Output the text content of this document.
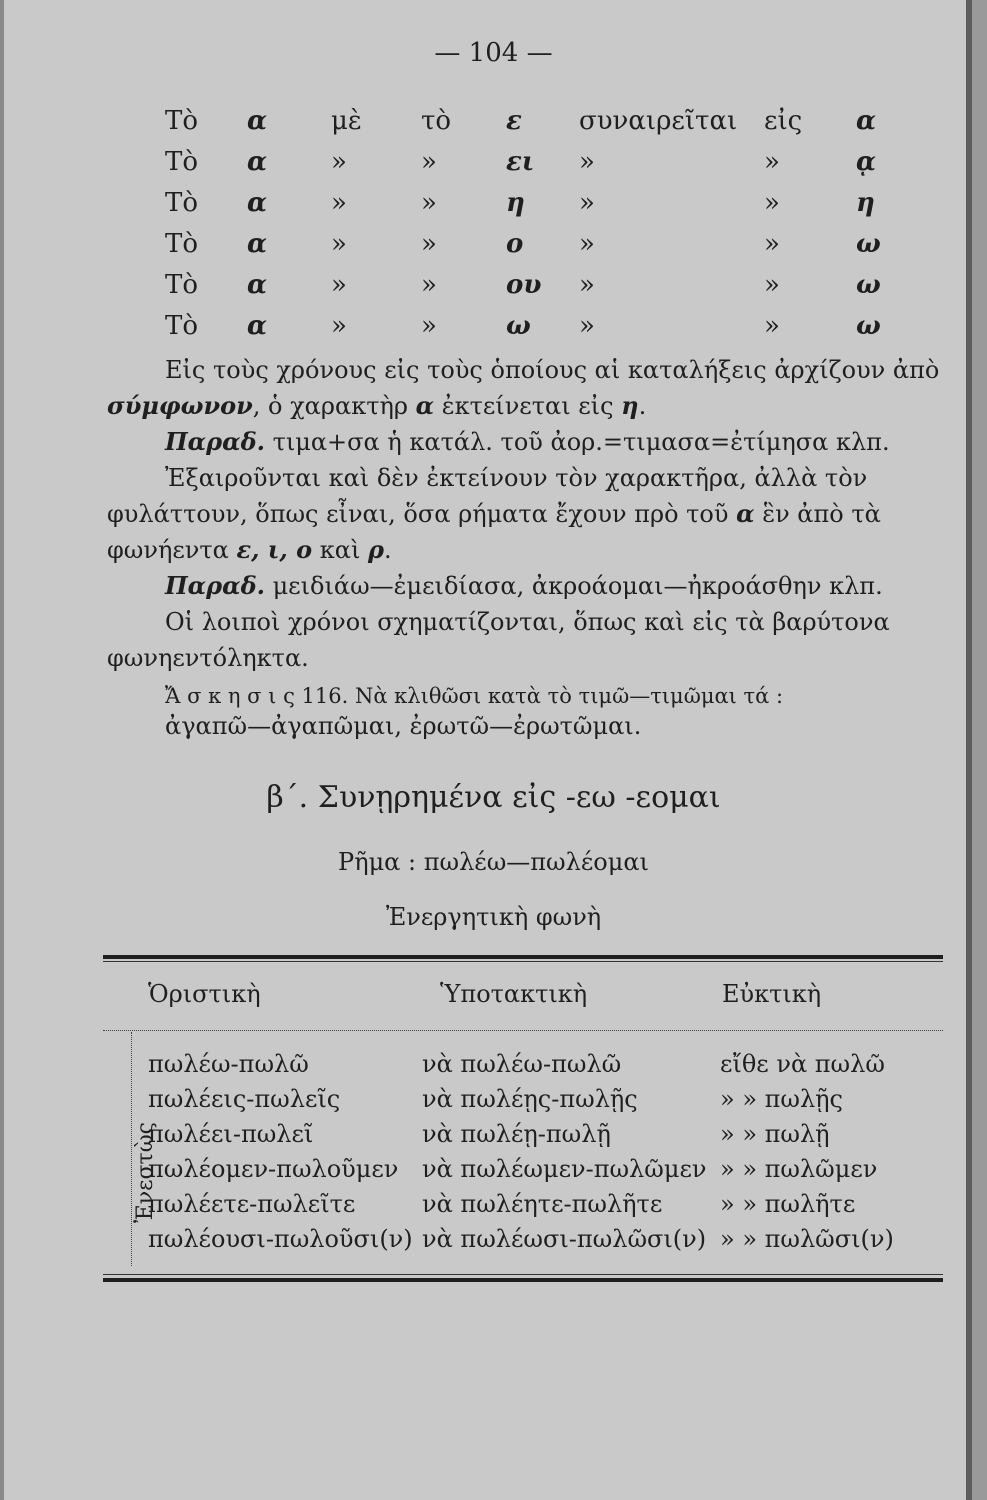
— 104 —
Τὸ	α	μὲ	τὸ	ε	συναιρεῖται	εἰς	α
Τὸ	α	»	»	ει	»	»	ᾳ
Τὸ	α	»	»	η	»	»	η
Τὸ	α	»	»	ο	»	»	ω
Τὸ	α	»	»	ου	»	»	ω
Τὸ	α	»	»	ω	»	»	ω
Εἰς τοὺς χρόνους εἰς τοὺς ὁποίους αἱ καταλήξεις ἀρχίζουν ἀπὸ σύμφωνον, ὁ χαρακτὴρ α ἐκτείνεται εἰς η.
Παραδ. τιμα+σα ἡ κατάλ. τοῦ ἀορ.=τιμασα=ἐτίμησα κλπ.
Ἐξαιροῦνται καὶ δὲν ἐκτείνουν τὸν χαρακτῆρα, ἀλλὰ τὸν φυλάττουν, ὅπως εἶναι, ὅσα ρήματα ἔχουν πρὸ τοῦ α ἓν ἀπὸ τὰ φωνήεντα ε, ι, ο καὶ ρ.
Παραδ. μειδιάω—ἐμειδίασα, ἀκροάομαι—ἠκροάσθην κλπ.
Οἱ λοιποὶ χρόνοι σχηματίζονται, ὅπως καὶ εἰς τὰ βαρύτονα φωνηεντόληκτα.
Ἄ σ κ η σ ι ς 116. Νὰ κλιθῶσι κατὰ τὸ τιμῶ—τιμῶμαι τά :
ἀγαπῶ—ἀγαπῶμαι, ἐρωτῶ—ἐρωτῶμαι.
β΄. Συνῃρημένα εἰς -εω -εομαι
Ρῆμα : πωλέω—πωλέομαι
Ἐνεργητικὴ φωνὴ
Ὁριστικὴ	Ὑποτακτικὴ	Εὐκτικὴ
Ἐνεστὼς
πωλέω-πωλῶ	νὰ πωλέω-πωλῶ	εἴθε νὰ πωλῶ
πωλέεις-πωλεῖς	νὰ πωλέῃς-πωλῇς	» » πωλῇς
πωλέει-πωλεῖ	νὰ πωλέῃ-πωλῇ	» » πωλῇ
πωλέομεν-πωλοῦμεν νὰ πωλέωμεν-πωλῶμεν » » πωλῶμεν
πωλέετε-πωλεῖτε	νὰ πωλέητε-πωλῆτε » » πωλῆτε
πωλέουσι-πωλοῦσι(ν) νὰ πωλέωσι-πωλῶσι(ν) » » πωλῶσι(ν)
